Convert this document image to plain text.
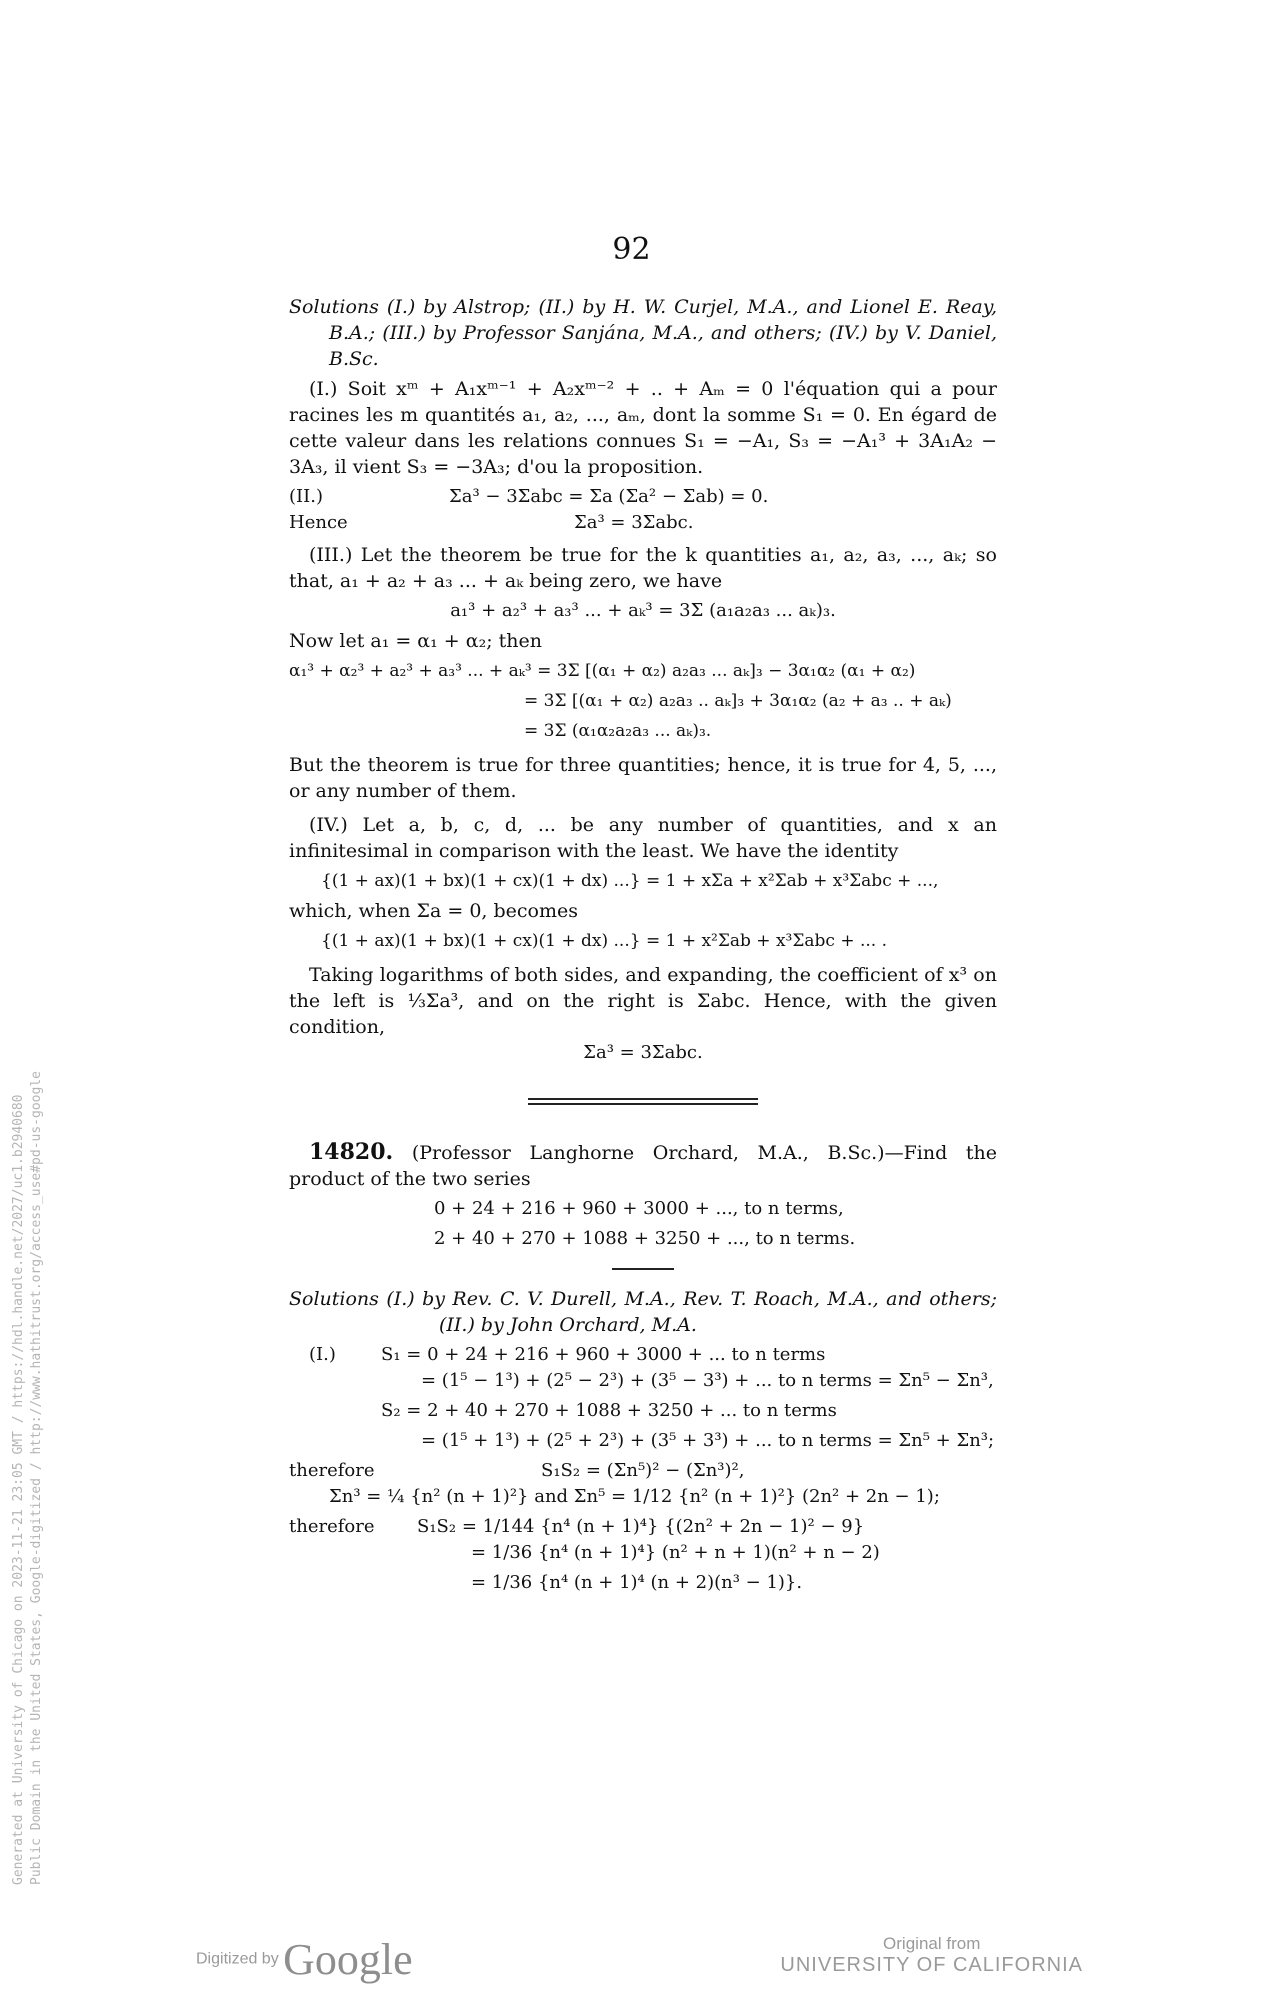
92

Solutions (I.) by Alstrop; (II.) by H. W. Curjel, M.A., and Lionel E. Reay, B.A.; (III.) by Professor Sanjána, M.A., and others; (IV.) by V. Daniel, B.Sc.

(I.) Soit xᵐ + A₁xᵐ⁻¹ + A₂xᵐ⁻² + .. + Aₘ = 0 l'équation qui a pour racines les m quantités a₁, a₂, ..., aₘ, dont la somme S₁ = 0. En égard de cette valeur dans les relations connues S₁ = −A₁, S₃ = −A₁³ + 3A₁A₂ − 3A₃, il vient S₃ = −3A₃; d'ou la proposition.

(II.)	Σa³ − 3Σabc = Σa (Σa² − Σab) = 0.
Hence	Σa³ = 3Σabc.

(III.) Let the theorem be true for the k quantities a₁, a₂, a₃, ..., aₖ; so that, a₁ + a₂ + a₃ ... + aₖ being zero, we have

a₁³ + a₂³ + a₃³ ... + aₖ³ = 3Σ (a₁a₂a₃ ... aₖ)₃.

Now let a₁ = α₁ + α₂; then

α₁³ + α₂³ + a₂³ + a₃³ ... + aₖ³ = 3Σ [(α₁ + α₂) a₂a₃ ... aₖ]₃ − 3α₁α₂ (α₁ + α₂)

= 3Σ [(α₁ + α₂) a₂a₃ .. aₖ]₃ + 3α₁α₂ (a₂ + a₃ .. + aₖ)

= 3Σ (α₁α₂a₂a₃ ... aₖ)₃.

But the theorem is true for three quantities; hence, it is true for 4, 5, ..., or any number of them.

(IV.) Let a, b, c, d, ... be any number of quantities, and x an infinitesimal in comparison with the least. We have the identity

{(1 + ax)(1 + bx)(1 + cx)(1 + dx) ...} = 1 + xΣa + x²Σab + x³Σabc + ...,

which, when Σa = 0, becomes

{(1 + ax)(1 + bx)(1 + cx)(1 + dx) ...} = 1 + x²Σab + x³Σabc + ... .

Taking logarithms of both sides, and expanding, the coefficient of x³ on the left is ⅓Σa³, and on the right is Σabc. Hence, with the given condition,

Σa³ = 3Σabc.

14820. (Professor Langhorne Orchard, M.A., B.Sc.)—Find the product of the two series

0 + 24 + 216 + 960 + 3000 + ..., to n terms,

2 + 40 + 270 + 1088 + 3250 + ..., to n terms.

Solutions (I.) by Rev. C. V. Durell, M.A., Rev. T. Roach, M.A., and others; (II.) by John Orchard, M.A.

(I.)	S₁ = 0 + 24 + 216 + 960 + 3000 + ... to n terms

= (1⁵ − 1³) + (2⁵ − 2³) + (3⁵ − 3³) + ... to n terms = Σn⁵ − Σn³,

S₂ = 2 + 40 + 270 + 1088 + 3250 + ... to n terms

= (1⁵ + 1³) + (2⁵ + 2³) + (3⁵ + 3³) + ... to n terms = Σn⁵ + Σn³;

therefore	S₁S₂ = (Σn⁵)² − (Σn³)²,

Σn³ = ¼ {n² (n + 1)²} and Σn⁵ = 1/12 {n² (n + 1)²} (2n² + 2n − 1);

therefore	S₁S₂ = 1/144 {n⁴ (n + 1)⁴} {(2n² + 2n − 1)² − 9}

= 1/36 {n⁴ (n + 1)⁴} (n² + n + 1)(n² + n − 2)

= 1/36 {n⁴ (n + 1)⁴ (n + 2)(n³ − 1)}.

Generated at University of Chicago on 2023-11-21 23:05 GMT / https://hdl.handle.net/2027/uc1.b2940680 Public Domain in the United States, Google-digitized / http://www.hathitrust.org/access_use#pd-us-google
Digitized by Google	Original from
UNIVERSITY OF CALIFORNIA
